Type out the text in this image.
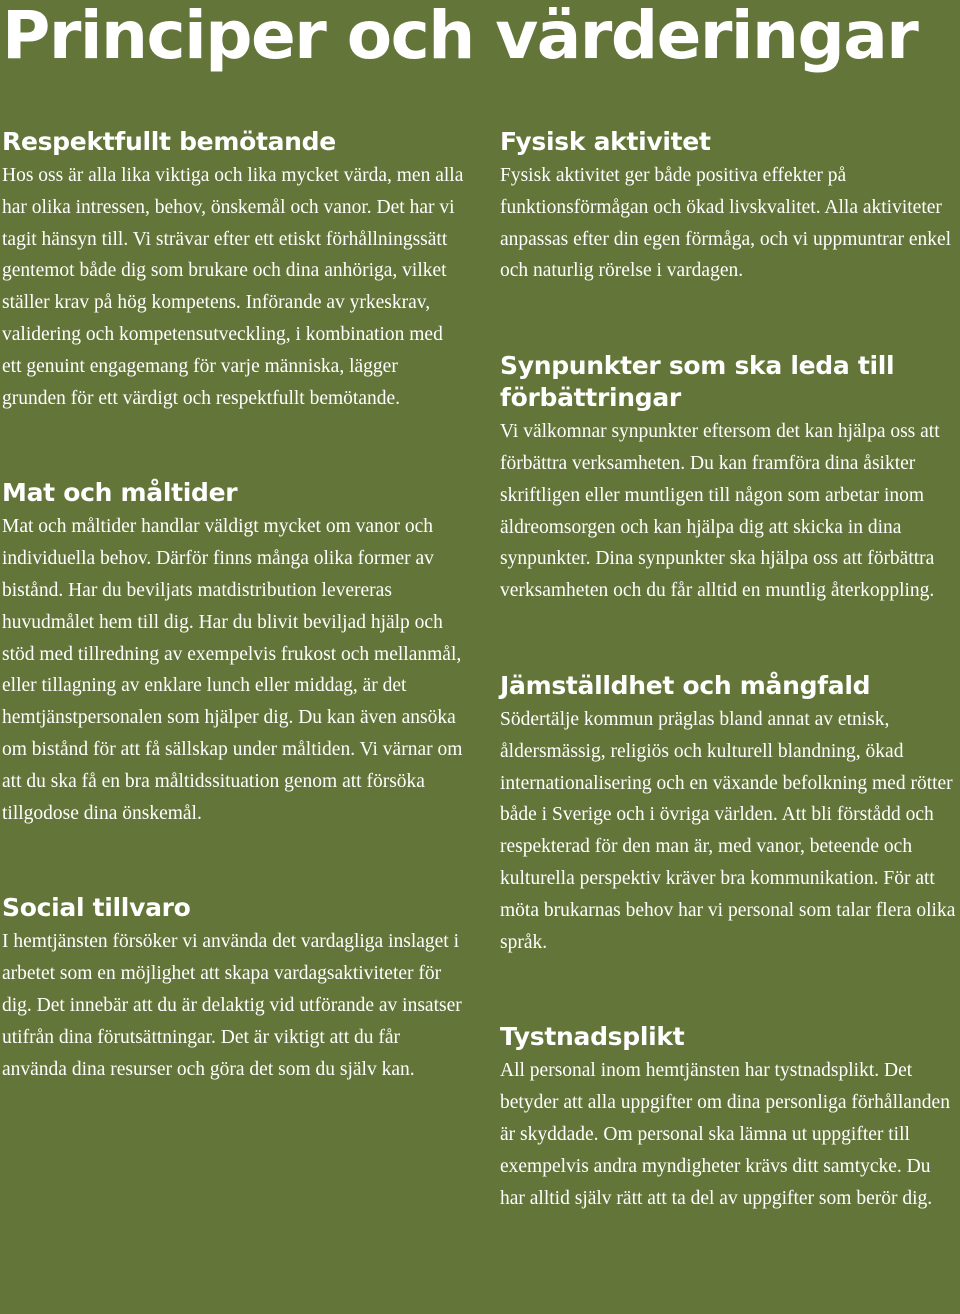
Principer och värderingar
Respektfullt bemötande

Hos oss är alla lika viktiga och lika mycket värda, men alla har olika intressen, behov, önskemål och vanor. Det har vi tagit hänsyn till. Vi strävar efter ett etiskt förhållningssätt gentemot både dig som brukare och dina anhöriga, vilket ställer krav på hög kompetens. Införande av yrkeskrav, validering och kompetensutveckling, i kombination med ett genuint engagemang för varje människa, lägger grunden för ett värdigt och respektfullt bemötande.

Mat och måltider

Mat och måltider handlar väldigt mycket om vanor och individuella behov. Därför finns många olika former av bistånd. Har du beviljats matdistribution levereras huvudmålet hem till dig. Har du blivit beviljad hjälp och stöd med tillredning av exempelvis frukost och mellanmål, eller tillagning av enklare lunch eller middag, är det hemtjänstpersonalen som hjälper dig. Du kan även ansöka om bistånd för att få sällskap under måltiden. Vi värnar om att du ska få en bra måltidssituation genom att försöka tillgodose dina önskemål.

Social tillvaro

I hemtjänsten försöker vi använda det vardagliga inslaget i arbetet som en möjlighet att skapa vardagsaktiviteter för dig. Det innebär att du är delaktig vid utförande av insatser utifrån dina förutsättningar. Det är viktigt att du får använda dina resurser och göra det som du själv kan.

Fysisk aktivitet

Fysisk aktivitet ger både positiva effekter på funktionsförmågan och ökad livskvalitet. Alla aktiviteter anpassas efter din egen förmåga, och vi uppmuntrar enkel och naturlig rörelse i vardagen.

Synpunkter som ska leda till förbättringar

Vi välkomnar synpunkter eftersom det kan hjälpa oss att förbättra verksamheten. Du kan framföra dina åsikter skriftligen eller muntligen till någon som arbetar inom äldreomsorgen och kan hjälpa dig att skicka in dina synpunkter. Dina synpunkter ska hjälpa oss att förbättra verksamheten och du får alltid en muntlig återkoppling.

Jämställdhet och mångfald

Södertälje kommun präglas bland annat av etnisk, åldersmässig, religiös och kulturell blandning, ökad internationalisering och en växande befolkning med rötter både i Sverige och i övriga världen. Att bli förstådd och respekterad för den man är, med vanor, beteende och kulturella perspektiv kräver bra kommunikation. För att möta brukarnas behov har vi personal som talar flera olika språk.

Tystnadsplikt

All personal inom hemtjänsten har tystnadsplikt. Det betyder att alla uppgifter om dina personliga förhållanden är skyddade. Om personal ska lämna ut uppgifter till exempelvis andra myndigheter krävs ditt samtycke. Du har alltid själv rätt att ta del av uppgifter som berör dig.
